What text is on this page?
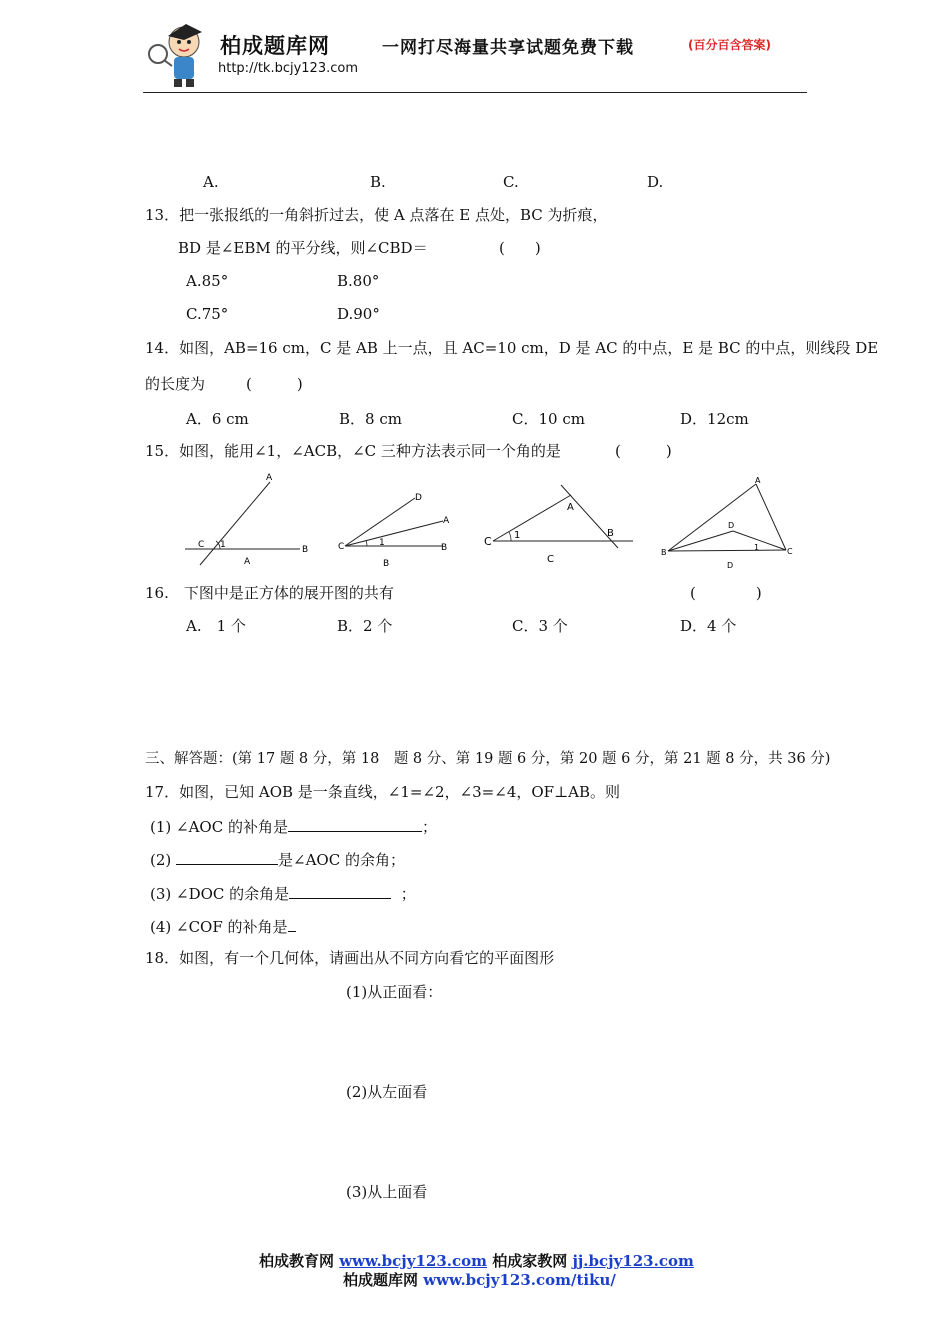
柏成题库网
http://tk.bcjy123.com
一网打尽海量共享试题免费下载	(百分百含答案)
A.	B.	C.	D.
13．把一张报纸的一角斜折过去，使 A 点落在 E 点处，BC 为折痕，
BD 是∠EBM 的平分线，则∠CBD＝	(　　)
A.85°	B.80°
C.75°	D.90°
14．如图，AB=16 cm，C 是 AB 上一点，且 AC=10 cm，D 是 AC 的中点，E 是 BC 的中点，则线段 DE
的长度为	(　　　)
A．6 cm	B．8 cm	C．10 cm	D．12cm
15．如图，能用∠1，∠ACB，∠C 三种方法表示同一个角的是	(　　　)
A
C 1	B
A
D
A
C	1	B
B
A
C 1	B
C
A
D
B
1	C
D
16.　下图中是正方体的展开图的共有	(　　　　)
A.　1 个	B．2 个	C．3 个	D．4 个
三、解答题：(第 17 题 8 分，第 18　题 8 分、第 19 题 6 分，第 20 题 6 分，第 21 题 8 分，共 36 分)
17．如图，已知 AOB 是一条直线，∠1=∠2，∠3=∠4，OF⊥AB。则
(1) ∠AOC 的补角是	；
(2)	是∠AOC 的余角；
(3) ∠DOC 的余角是	；
(4) ∠COF 的补角是
18．如图，有一个几何体，请画出从不同方向看它的平面图形
(1)从正面看：
(2)从左面看
(3)从上面看
柏成教育网 www.bcjy123.com 柏成家教网 jj.bcjy123.com
柏成题库网 www.bcjy123.com/tiku/
